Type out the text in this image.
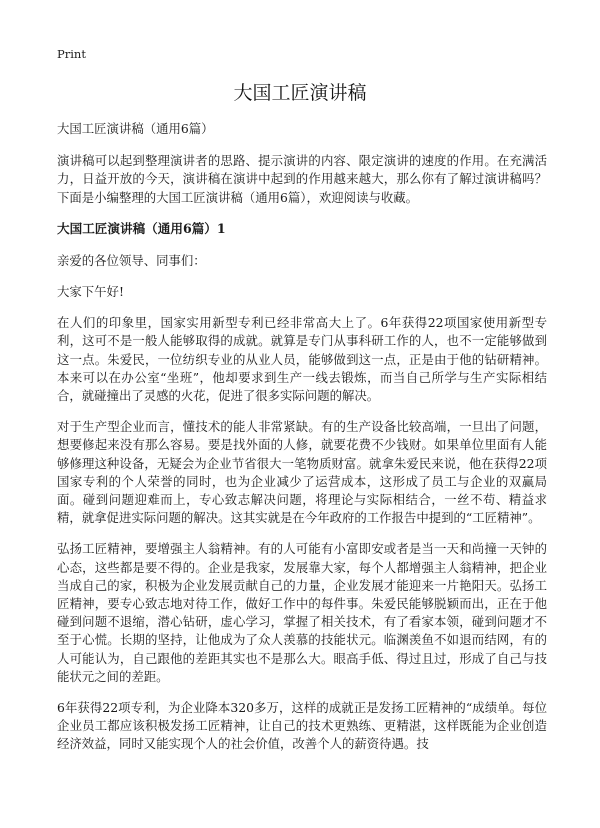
Print
大国工匠演讲稿

大国工匠演讲稿（通用6篇）

演讲稿可以起到整理演讲者的思路、提示演讲的内容、限定演讲的速度的作用。在充满活力，日益开放的今天，演讲稿在演讲中起到的作用越来越大，那么你有了解过演讲稿吗？下面是小编整理的大国工匠演讲稿（通用6篇），欢迎阅读与收藏。

大国工匠演讲稿（通用6篇）1

亲爱的各位领导、同事们：

大家下午好!

在人们的印象里，国家实用新型专利已经非常高大上了。6年获得22项国家使用新型专利，这可不是一般人能够取得的成就。就算是专门从事科研工作的人，也不一定能够做到这一点。朱爱民，一位纺织专业的从业人员，能够做到这一点，正是由于他的钻研精神。本来可以在办公室“坐班”，他却要求到生产一线去锻炼，而当自己所学与生产实际相结合，就碰撞出了灵感的火花，促进了很多实际问题的解决。

对于生产型企业而言，懂技术的能人非常紧缺。有的生产设备比较高端，一旦出了问题，想要修起来没有那么容易。要是找外面的人修，就要花费不少钱财。如果单位里面有人能够修理这种设备，无疑会为企业节省很大一笔物质财富。就拿朱爱民来说，他在获得22项国家专利的个人荣誉的同时，也为企业减少了运营成本，这形成了员工与企业的双赢局面。碰到问题迎难而上，专心致志解决问题，将理论与实际相结合，一丝不苟、精益求精，就拿促进实际问题的解决。这其实就是在今年政府的工作报告中提到的“工匠精神”。

弘扬工匠精神，要增强主人翁精神。有的人可能有小富即安或者是当一天和尚撞一天钟的心态，这些都是要不得的。企业是我家，发展靠大家，每个人都增强主人翁精神，把企业当成自己的家，积极为企业发展贡献自己的力量，企业发展才能迎来一片艳阳天。弘扬工匠精神，要专心致志地对待工作，做好工作中的每件事。朱爱民能够脱颖而出，正在于他碰到问题不退缩，潜心钻研，虚心学习，掌握了相关技术，有了看家本领，碰到问题才不至于心慌。长期的坚持，让他成为了众人羡慕的技能状元。临渊羡鱼不如退而结网，有的人可能认为，自己跟他的差距其实也不是那么大。眼高手低、得过且过，形成了自己与技能状元之间的差距。

6年获得22项专利，为企业降本320多万，这样的成就正是发扬工匠精神的“成绩单。每位企业员工都应该积极发扬工匠精神，让自己的技术更熟练、更精湛，这样既能为企业创造经济效益，同时又能实现个人的社会价值，改善个人的薪资待遇。技
